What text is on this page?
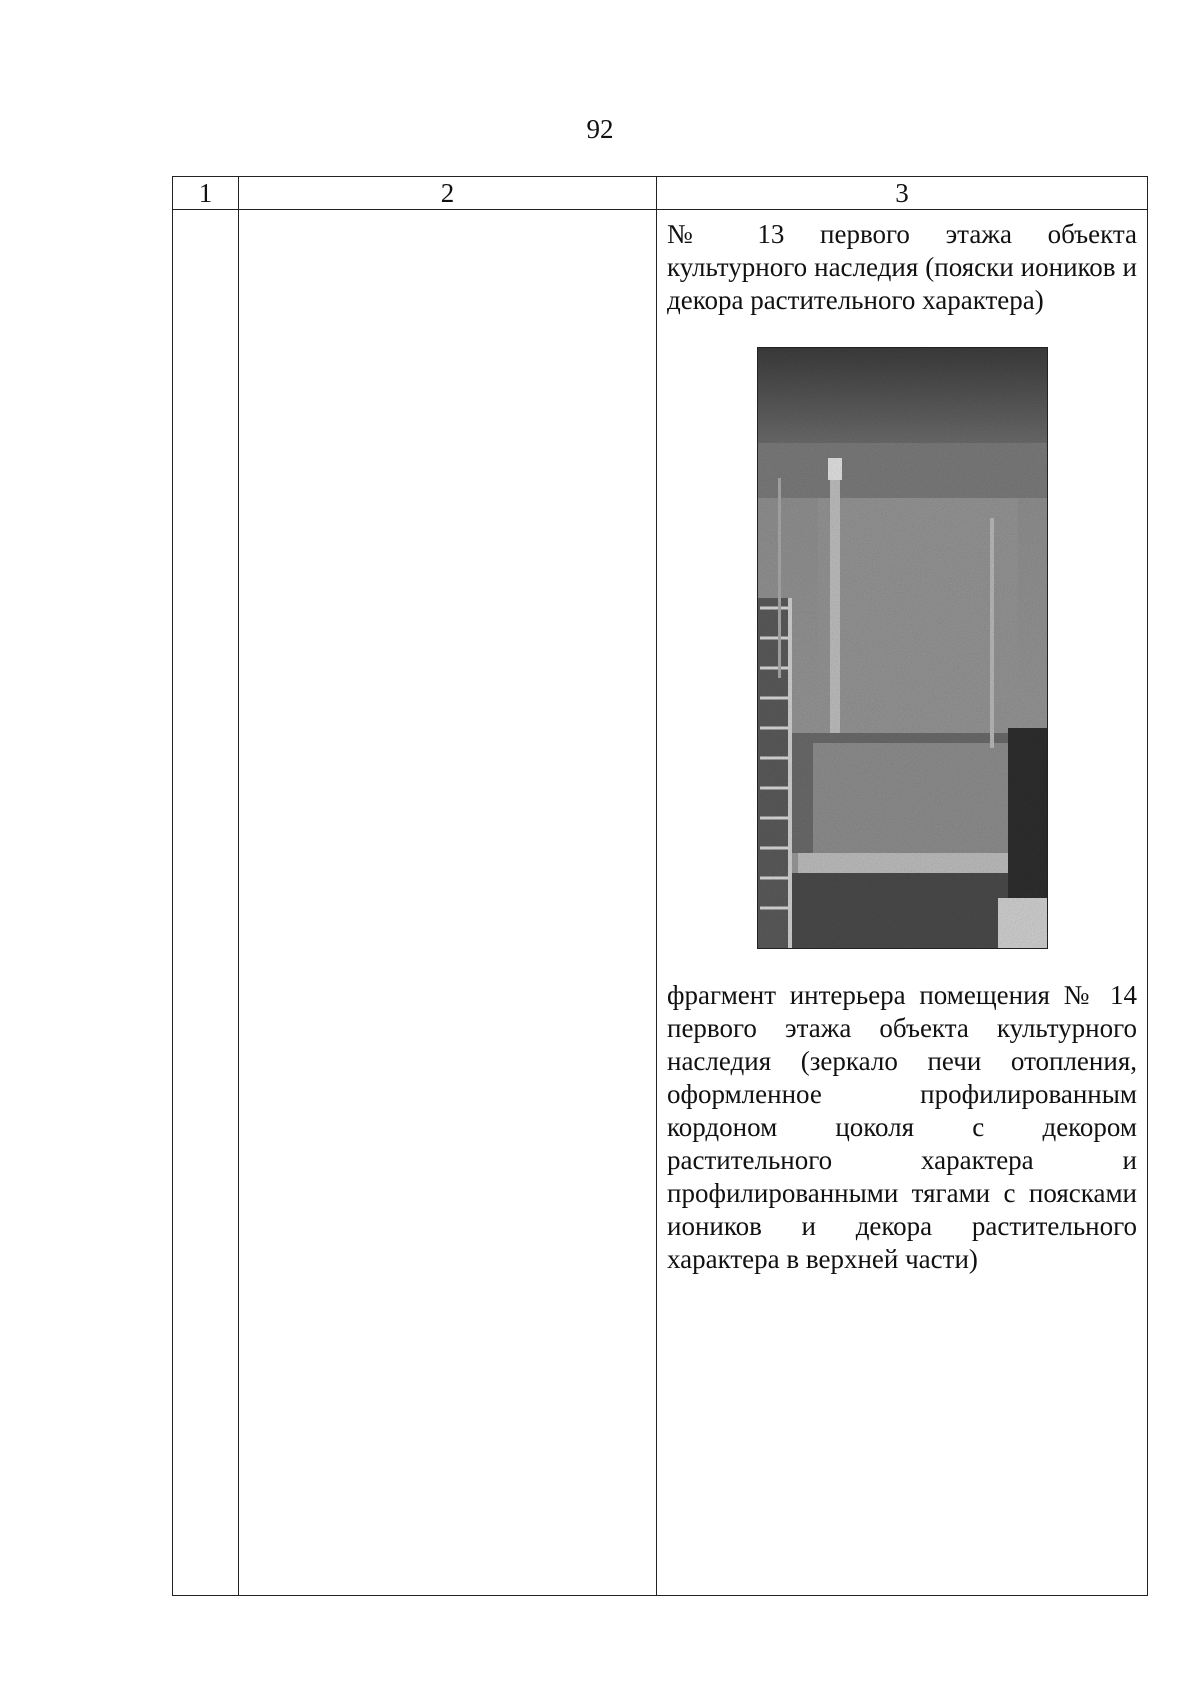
92
1	2	3

		№ 13 первого этажа объекта культурного наследия (пояски иоников и декора растительного характера)

фрагмент интерьера помещения № 14 первого этажа объекта культурного наследия (зеркало печи отопления, оформленное профилированным кордоном цоколя с декором растительного характера и профилированными тягами с поясками иоников и декора растительного характера в верхней части)
